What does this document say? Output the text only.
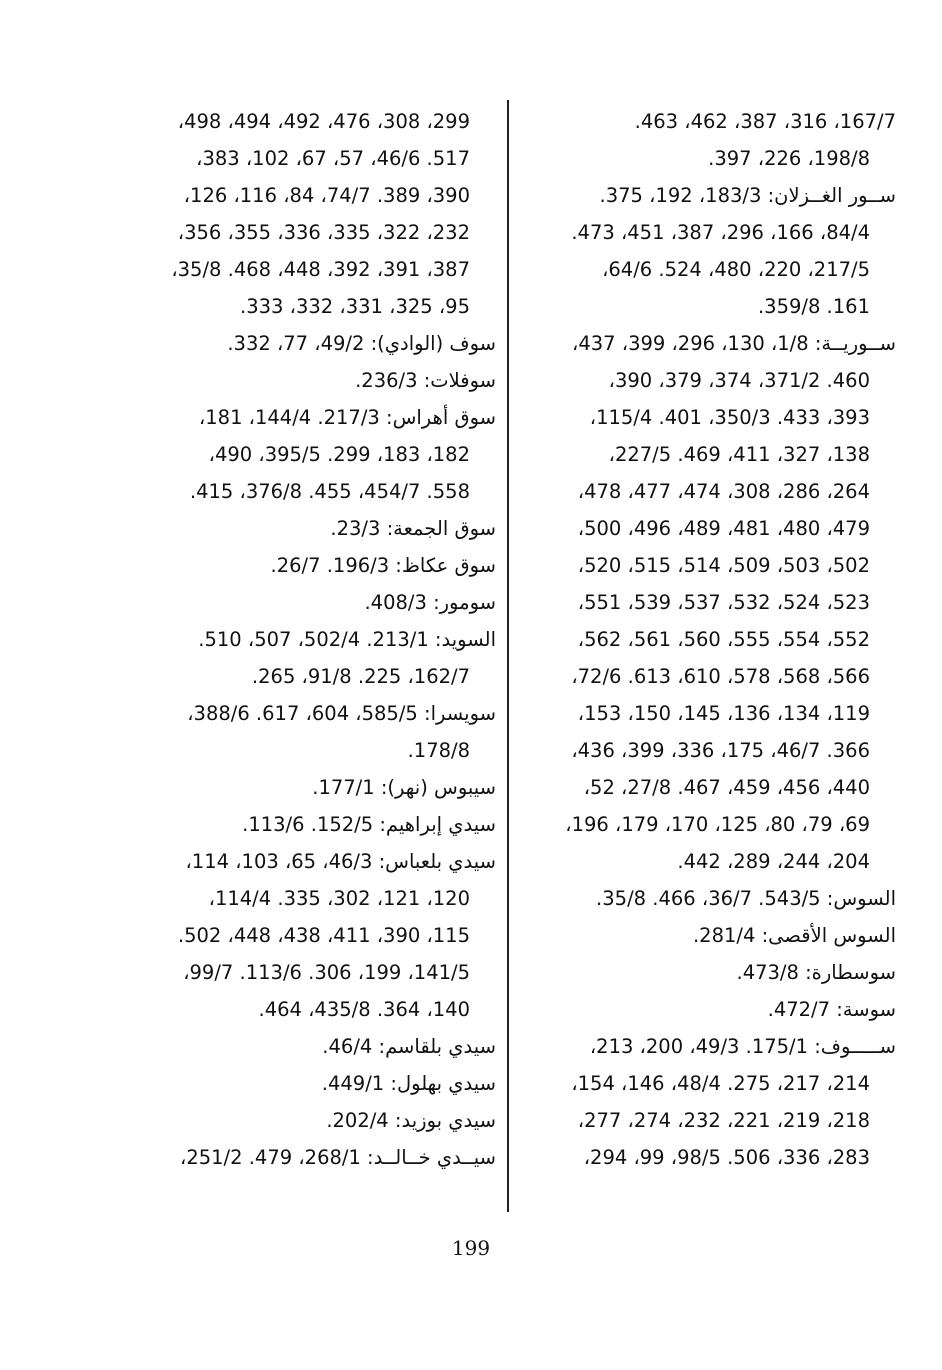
167/7، 316، 387، 462، 463.
198/8، 226، 397.
ســور الغــزلان: 183/3، 192، 375.
84/4، 166، 296، 387، 451، 473.
217/5، 220، 480، 524. 64/6،
161. 359/8.
ســوريــة: 1/8، 130، 296، 399، 437،
460. 371/2، 374، 379، 390،
393، 433. 350/3، 401. 115/4،
138، 327، 411، 469. 227/5،
264، 286، 308، 474، 477، 478،
479، 480، 481، 489، 496، 500،
502، 503، 509، 514، 515، 520،
523، 524، 532، 537، 539، 551،
552، 554، 555، 560، 561، 562،
566، 568، 578، 610، 613. 72/6،
119، 134، 136، 145، 150، 153،
366. 46/7، 175، 336، 399، 436،
440، 456، 459، 467. 27/8، 52،
69، 79، 80، 125، 170، 179، 196،
204، 244، 289، 442.
السوس: 543/5. 36/7، 466. 35/8.
السوس الأقصى: 281/4.
سوسطارة: 473/8.
سوسة: 472/7.
ســـــوف: 175/1. 49/3، 200، 213،
214، 217، 275. 48/4، 146، 154،
218، 219، 221، 232، 274، 277،
283، 336، 506. 98/5، 99، 294،
299، 308، 476، 492، 494، 498،
517. 46/6، 57، 67، 102، 383،
390، 389. 74/7، 84، 116، 126،
232، 322، 335، 336، 355، 356،
387، 391، 392، 448، 468. 35/8،
95، 325، 331، 332، 333.
سوف (الوادي): 49/2، 77، 332.
سوفلات: 236/3.
سوق أهراس: 217/3. 144/4، 181،
182، 183، 299. 395/5، 490،
558. 454/7، 455. 376/8، 415.
سوق الجمعة: 23/3.
سوق عكاظ: 196/3. 26/7.
سومور: 408/3.
السويد: 213/1. 502/4، 507، 510.
162/7، 225. 91/8، 265.
سويسرا: 585/5، 604، 617. 388/6،
178/8.
سيبوس (نهر): 177/1.
سيدي إبراهيم: 152/5. 113/6.
سيدي بلعباس: 46/3، 65، 103، 114،
120، 121، 302، 335. 114/4،
115، 390، 411، 438، 448، 502.
141/5، 199، 306. 113/6. 99/7،
140، 364. 435/8، 464.
سيدي بلقاسم: 46/4.
سيدي بهلول: 449/1.
سيدي بوزيد: 202/4.
سيــدي خــالــد: 268/1، 479. 251/2،
199
